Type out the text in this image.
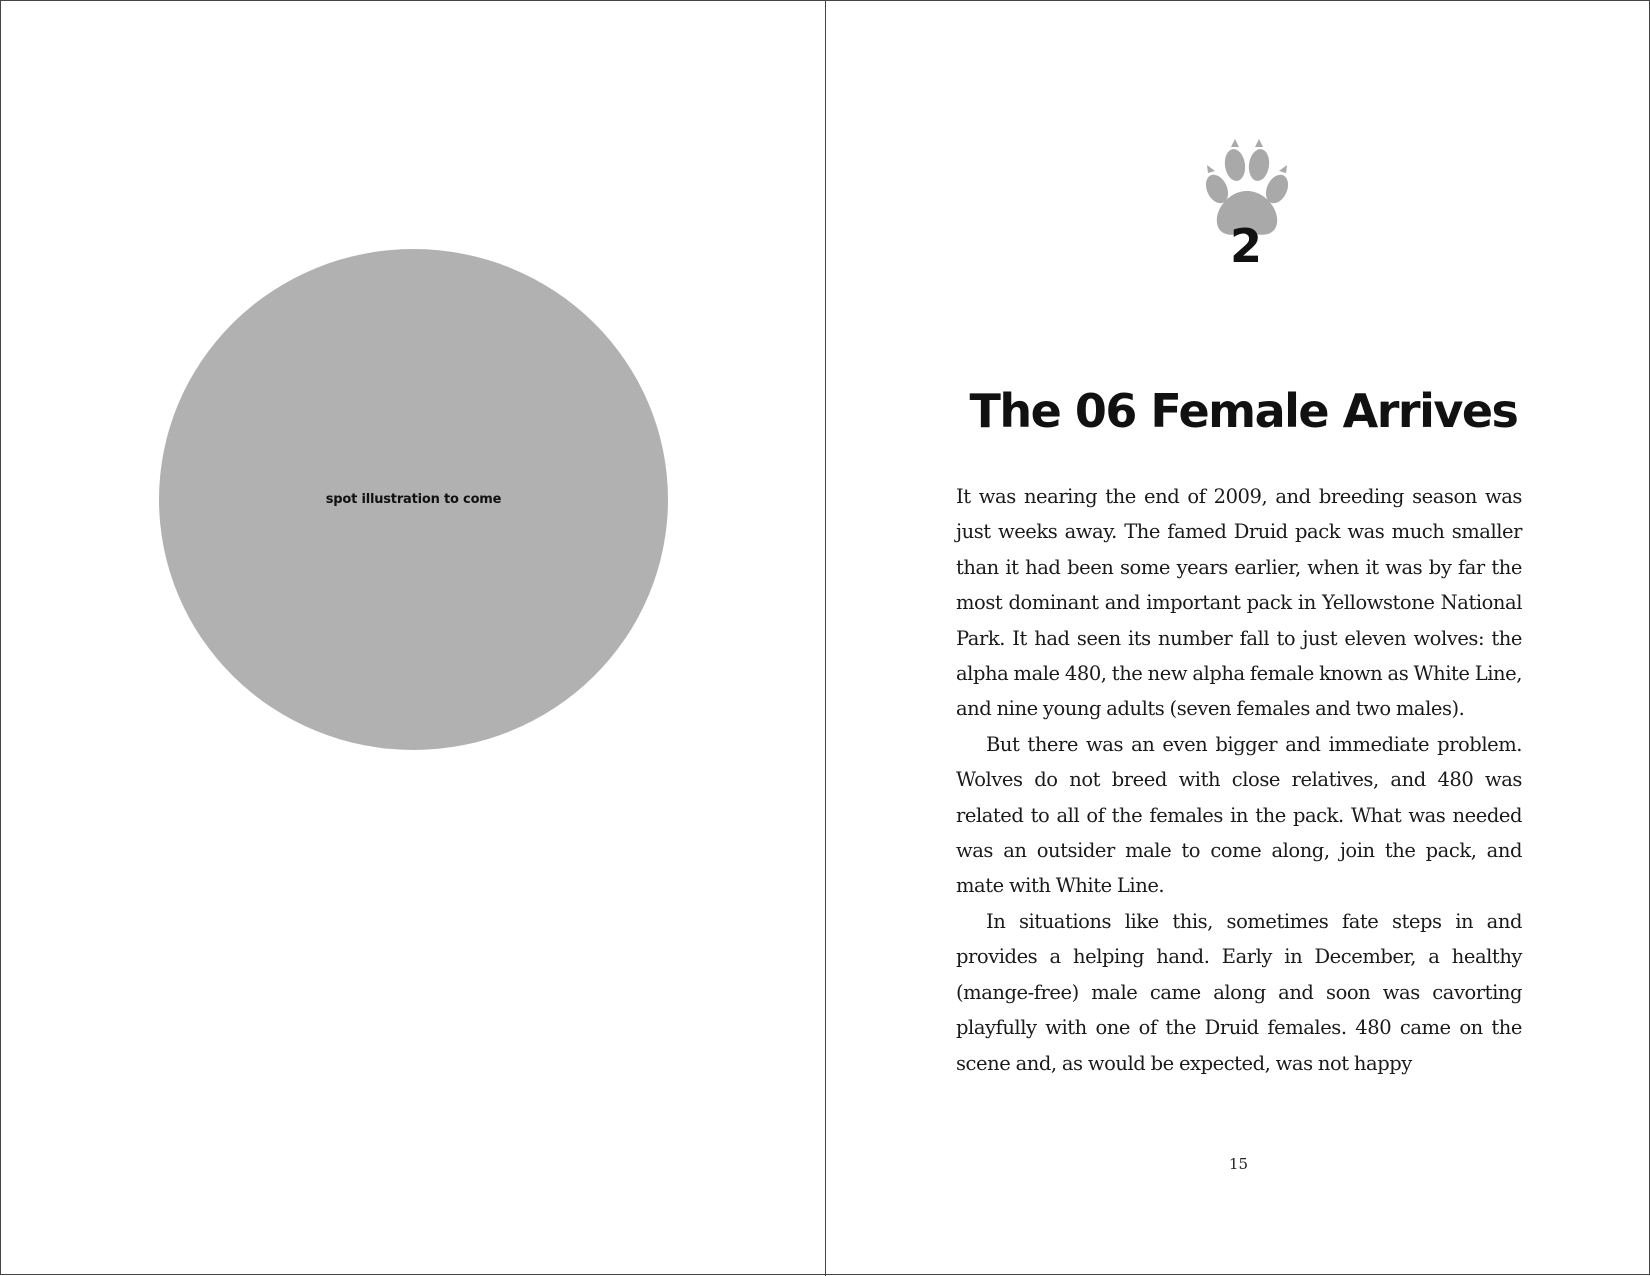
spot illustration to come
2
The 06 Female Arrives

It was nearing the end of 2009, and breeding season was just weeks away. The famed Druid pack was much smaller than it had been some years earlier, when it was by far the most dominant and important pack in Yellowstone National Park. It had seen its number fall to just eleven wolves: the alpha male 480, the new alpha female known as White Line, and nine young adults (seven females and two males).

But there was an even bigger and immediate problem. Wolves do not breed with close relatives, and 480 was related to all of the females in the pack. What was needed was an outsider male to come along, join the pack, and mate with White Line.

In situations like this, sometimes fate steps in and provides a helping hand. Early in December, a healthy (mange-free) male came along and soon was cavorting playfully with one of the Druid females. 480 came on the scene and, as would be expected, was not happy

15
